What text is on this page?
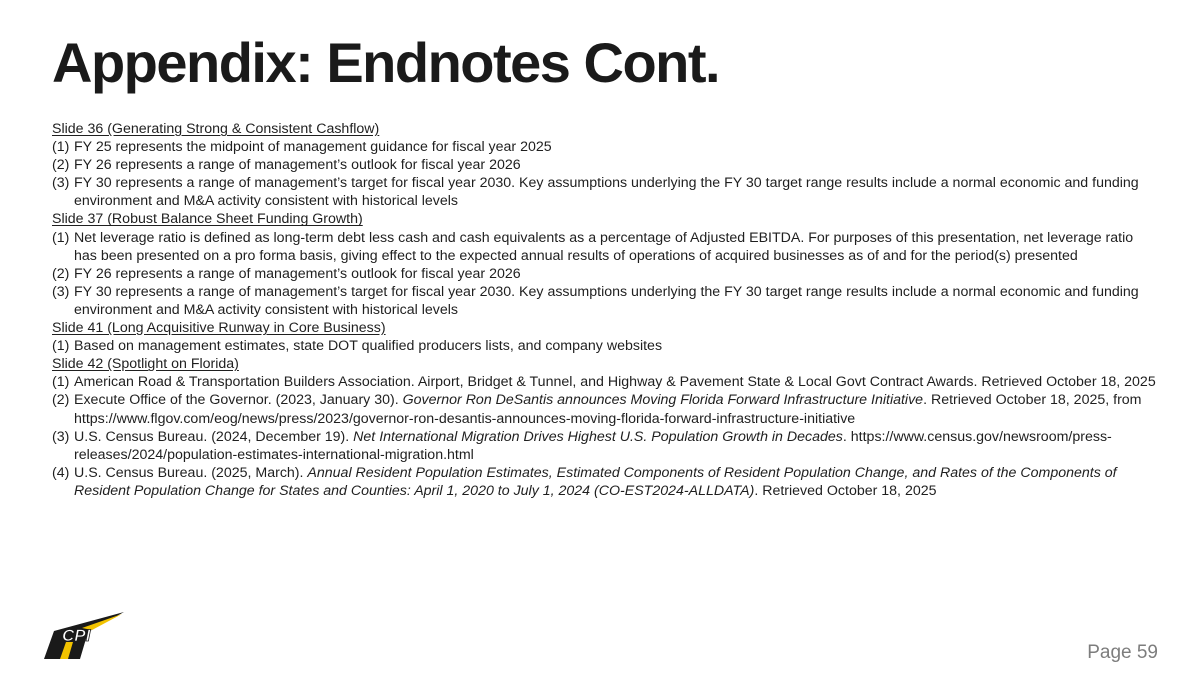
Appendix: Endnotes Cont.
Slide 36 (Generating Strong & Consistent Cashflow)
(1) FY 25 represents the midpoint of management guidance for fiscal year 2025
(2) FY 26 represents a range of management’s outlook for fiscal year 2026
(3) FY 30 represents a range of management’s target for fiscal year 2030. Key assumptions underlying the FY 30 target range results include a normal economic and funding environment and M&A activity consistent with historical levels
Slide 37 (Robust Balance Sheet Funding Growth)
(1) Net leverage ratio is defined as long-term debt less cash and cash equivalents as a percentage of Adjusted EBITDA. For purposes of this presentation, net leverage ratio has been presented on a pro forma basis, giving effect to the expected annual results of operations of acquired businesses as of and for the period(s) presented
(2) FY 26 represents a range of management’s outlook for fiscal year 2026
(3) FY 30 represents a range of management’s target for fiscal year 2030. Key assumptions underlying the FY 30 target range results include a normal economic and funding environment and M&A activity consistent with historical levels
Slide 41 (Long Acquisitive Runway in Core Business)
(1) Based on management estimates, state DOT qualified producers lists, and company websites
Slide 42 (Spotlight on Florida)
(1) American Road & Transportation Builders Association. Airport, Bridget & Tunnel, and Highway & Pavement State & Local Govt Contract Awards. Retrieved October 18, 2025
(2) Execute Office of the Governor. (2023, January 30). Governor Ron DeSantis announces Moving Florida Forward Infrastructure Initiative. Retrieved October 18, 2025, from https://www.flgov.com/eog/news/press/2023/governor-ron-desantis-announces-moving-florida-forward-infrastructure-initiative
(3) U.S. Census Bureau. (2024, December 19). Net International Migration Drives Highest U.S. Population Growth in Decades. https://www.census.gov/newsroom/press-releases/2024/population-estimates-international-migration.html
(4) U.S. Census Bureau. (2025, March). Annual Resident Population Estimates, Estimated Components of Resident Population Change, and Rates of the Components of Resident Population Change for States and Counties: April 1, 2020 to July 1, 2024 (CO-EST2024-ALLDATA). Retrieved October 18, 2025
CPI
Page 59
